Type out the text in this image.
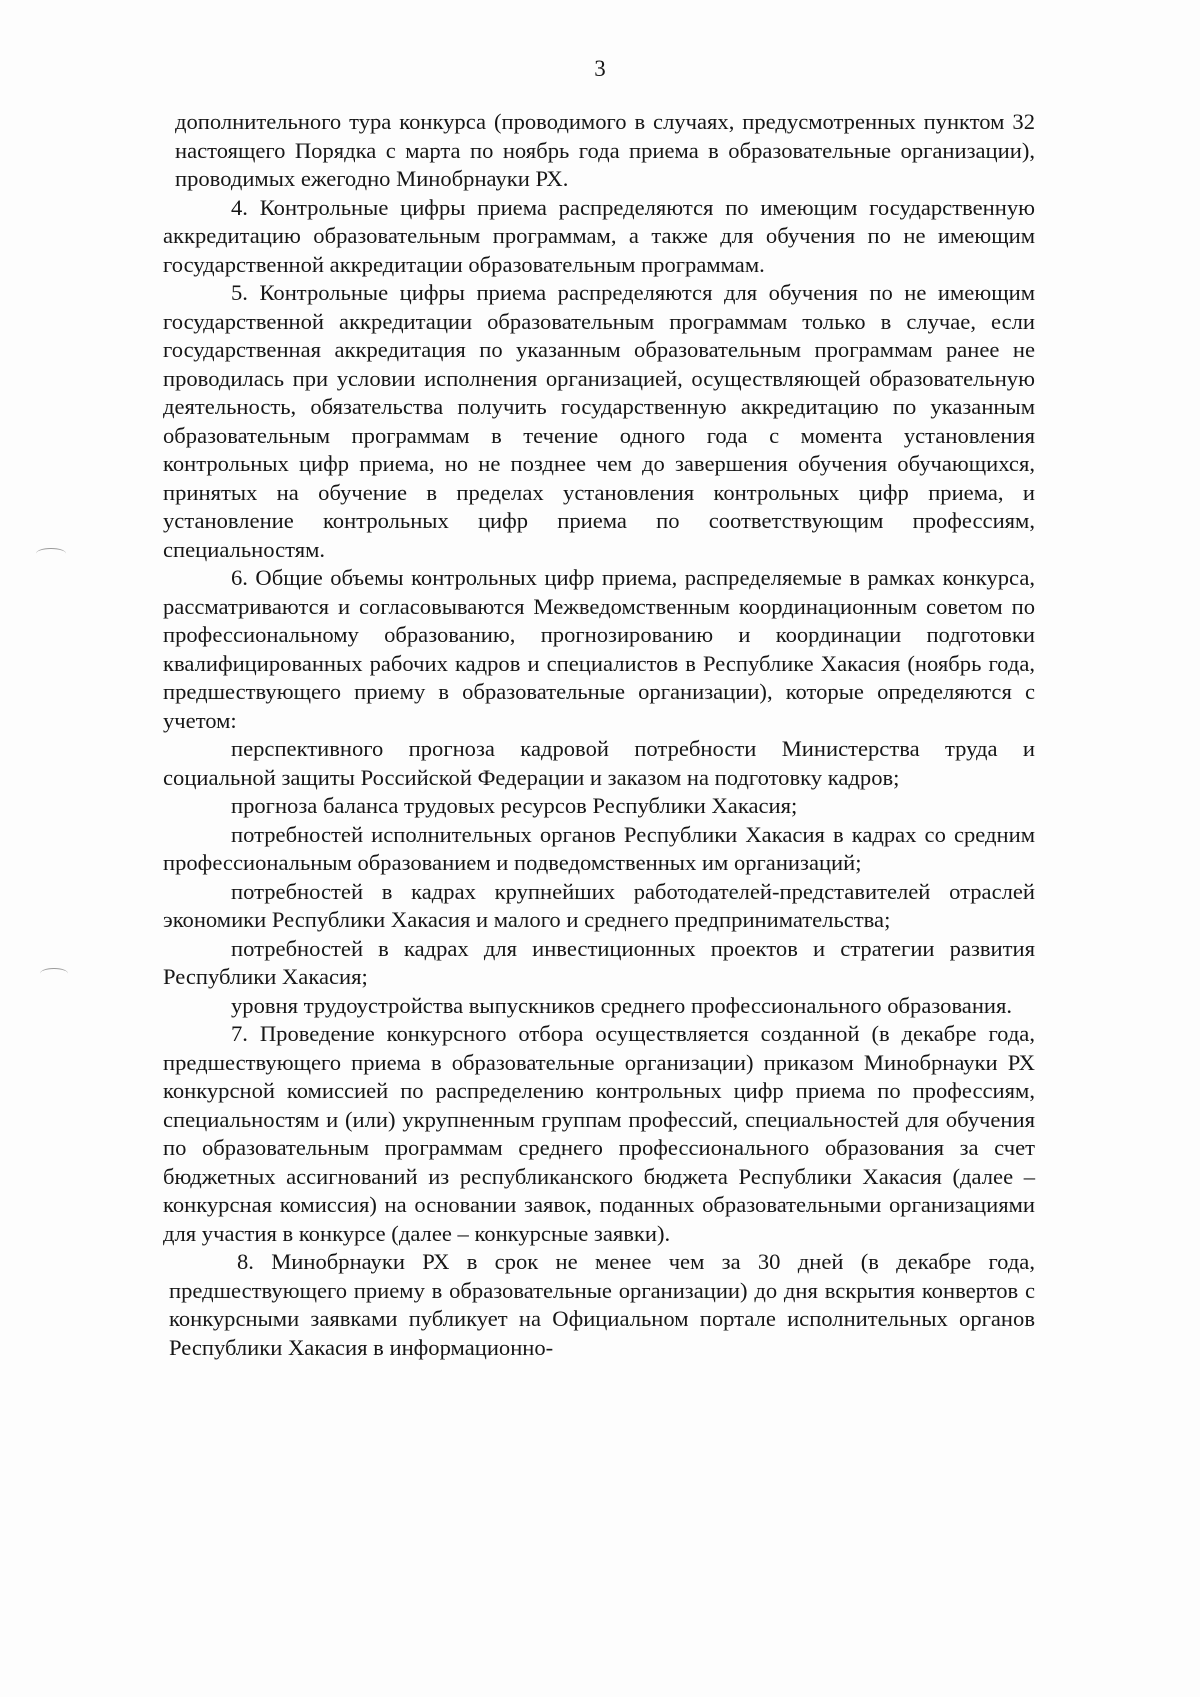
3

дополнительного тура конкурса (проводимого в случаях, предусмотренных пунктом 32 настоящего Порядка с марта по ноябрь года приема в образовательные организации), проводимых ежегодно Минобрнауки РХ.

4. Контрольные цифры приема распределяются по имеющим государственную аккредитацию образовательным программам, а также для обучения по не имеющим государственной аккредитации образовательным программам.

5. Контрольные цифры приема распределяются для обучения по не имеющим государственной аккредитации образовательным программам только в случае, если государственная аккредитация по указанным образовательным программам ранее не проводилась при условии исполнения организацией, осуществляющей образовательную деятельность, обязательства получить государственную аккредитацию по указанным образовательным программам в течение одного года с момента установления контрольных цифр приема, но не позднее чем до завершения обучения обучающихся, принятых на обучение в пределах установления контрольных цифр приема, и установление контрольных цифр приема по соответствующим профессиям, специальностям.

6. Общие объемы контрольных цифр приема, распределяемые в рамках конкурса, рассматриваются и согласовываются Межведомственным координационным советом по профессиональному образованию, прогнозированию и координации подготовки квалифицированных рабочих кадров и специалистов в Республике Хакасия (ноябрь года, предшествующего приему в образовательные организации), которые определяются с учетом:

перспективного прогноза кадровой потребности Министерства труда и социальной защиты Российской Федерации и заказом на подготовку кадров;

прогноза баланса трудовых ресурсов Республики Хакасия;

потребностей исполнительных органов Республики Хакасия в кадрах со средним профессиональным образованием и подведомственных им организаций;

потребностей в кадрах крупнейших работодателей-представителей отраслей экономики Республики Хакасия и малого и среднего предпринимательства;

потребностей в кадрах для инвестиционных проектов и стратегии развития Республики Хакасия;

уровня трудоустройства выпускников среднего профессионального образования.

7. Проведение конкурсного отбора осуществляется созданной (в декабре года, предшествующего приема в образовательные организации) приказом Минобрнауки РХ конкурсной комиссией по распределению контрольных цифр приема по профессиям, специальностям и (или) укрупненным группам профессий, специальностей для обучения по образовательным программам среднего профессионального образования за счет бюджетных ассигнований из республиканского бюджета Республики Хакасия (далее – конкурсная комиссия) на основании заявок, поданных образовательными организациями для участия в конкурсе (далее – конкурсные заявки).

8. Минобрнауки РХ в срок не менее чем за 30 дней (в декабре года, предшествующего приему в образовательные организации) до дня вскрытия конвертов с конкурсными заявками публикует на Официальном портале исполнительных органов Республики Хакасия в информационно-
